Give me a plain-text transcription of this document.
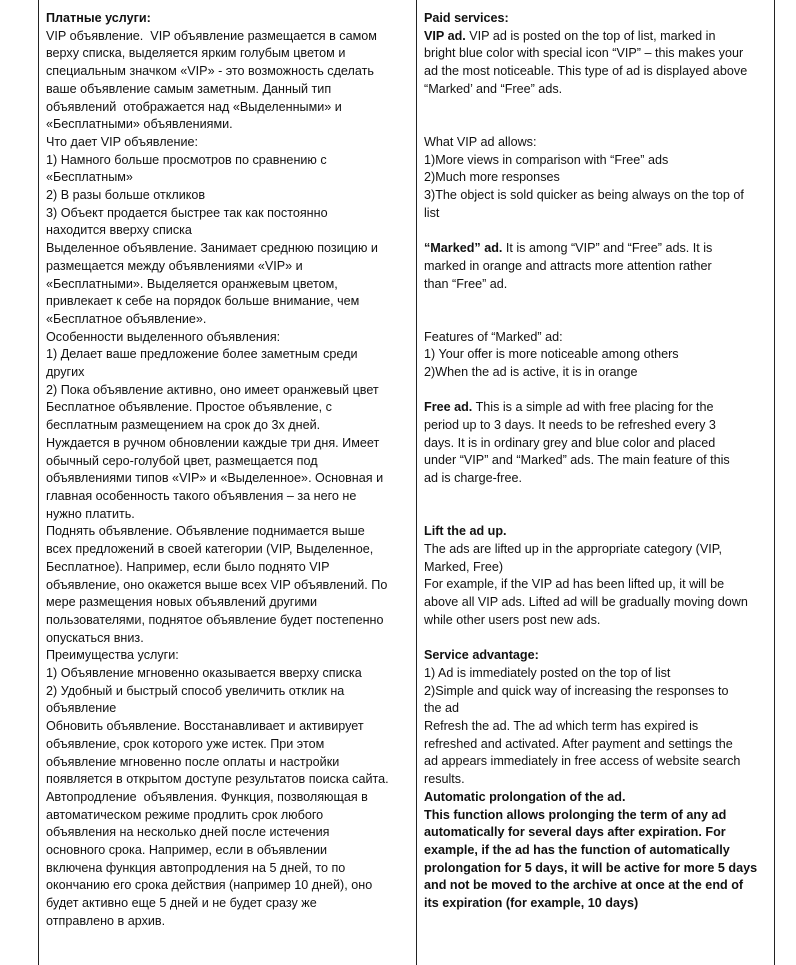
Платные услуги:
VIP объявление.  VIP объявление размещается в самом
верху списка, выделяется ярким голубым цветом и
специальным значком «VIP» - это возможность сделать
ваше объявление самым заметным. Данный тип
объявлений  отображается над «Выделенными» и
«Бесплатными» объявлениями.
Что дает VIP объявление:
1) Намного больше просмотров по сравнению с
«Бесплатным»
2) В разы больше откликов
3) Объект продается быстрее так как постоянно
находится вверху списка
Выделенное объявление. Занимает среднюю позицию и
размещается между объявлениями «VIP» и
«Бесплатными». Выделяется оранжевым цветом,
привлекает к себе на порядок больше внимание, чем
«Бесплатное объявление».
Особенности выделенного объявления:
1) Делает ваше предложение более заметным среди
других
2) Пока объявление активно, оно имеет оранжевый цвет
Бесплатное объявление. Простое объявление, с
бесплатным размещением на срок до 3х дней.
Нуждается в ручном обновлении каждые три дня. Имеет
обычный серо-голубой цвет, размещается под
объявлениями типов «VIP» и «Выделенное». Основная и
главная особенность такого объявления – за него не
нужно платить.
Поднять объявление. Объявление поднимается выше
всех предложений в своей категории (VIP, Выделенное,
Бесплатное). Например, если было поднято VIP
объявление, оно окажется выше всех VIP объявлений. По
мере размещения новых объявлений другими
пользователями, поднятое объявление будет постепенно
опускаться вниз.
Преимущества услуги:
1) Объявление мгновенно оказывается вверху списка
2) Удобный и быстрый способ увеличить отклик на
объявление
Обновить объявление. Восстанавливает и активирует
объявление, срок которого уже истек. При этом
объявление мгновенно после оплаты и настройки
появляется в открытом доступе результатов поиска сайта.
Автопродление  объявления. Функция, позволяющая в
автоматическом режиме продлить срок любого
объявления на несколько дней после истечения
основного срока. Например, если в объявлении
включена функция автопродления на 5 дней, то по
окончанию его срока действия (например 10 дней), оно
будет активно еще 5 дней и не будет сразу же
отправлено в архив.
Paid services:
VIP ad. VIP ad is posted on the top of list, marked in
bright blue color with special icon “VIP” – this makes your
ad the most noticeable. This type of ad is displayed above
“Marked’ and “Free” ads.
What VIP ad allows:
1)More views in comparison with “Free” ads
2)Much more responses
3)The object is sold quicker as being always on the top of
list
“Marked” ad. It is among “VIP” and “Free” ads. It is
marked in orange and attracts more attention rather
than “Free” ad.
Features of “Marked” ad:
1) Your offer is more noticeable among others
2)When the ad is active, it is in orange
Free ad. This is a simple ad with free placing for the
period up to 3 days. It needs to be refreshed every 3
days. It is in ordinary grey and blue color and placed
under “VIP” and “Marked” ads. The main feature of this
ad is charge-free.
Lift the ad up.
The ads are lifted up in the appropriate category (VIP,
Marked, Free)
For example, if the VIP ad has been lifted up, it will be
above all VIP ads. Lifted ad will be gradually moving down
while other users post new ads.
Service advantage:
1) Ad is immediately posted on the top of list
2)Simple and quick way of increasing the responses to
the ad
Refresh the ad. The ad which term has expired is
refreshed and activated. After payment and settings the
ad appears immediately in free access of website search
results.
Automatic prolongation of the ad.
This function allows prolonging the term of any ad
automatically for several days after expiration. For
example, if the ad has the function of automatically
prolongation for 5 days, it will be active for more 5 days
and not be moved to the archive at once at the end of
its expiration (for example, 10 days)
